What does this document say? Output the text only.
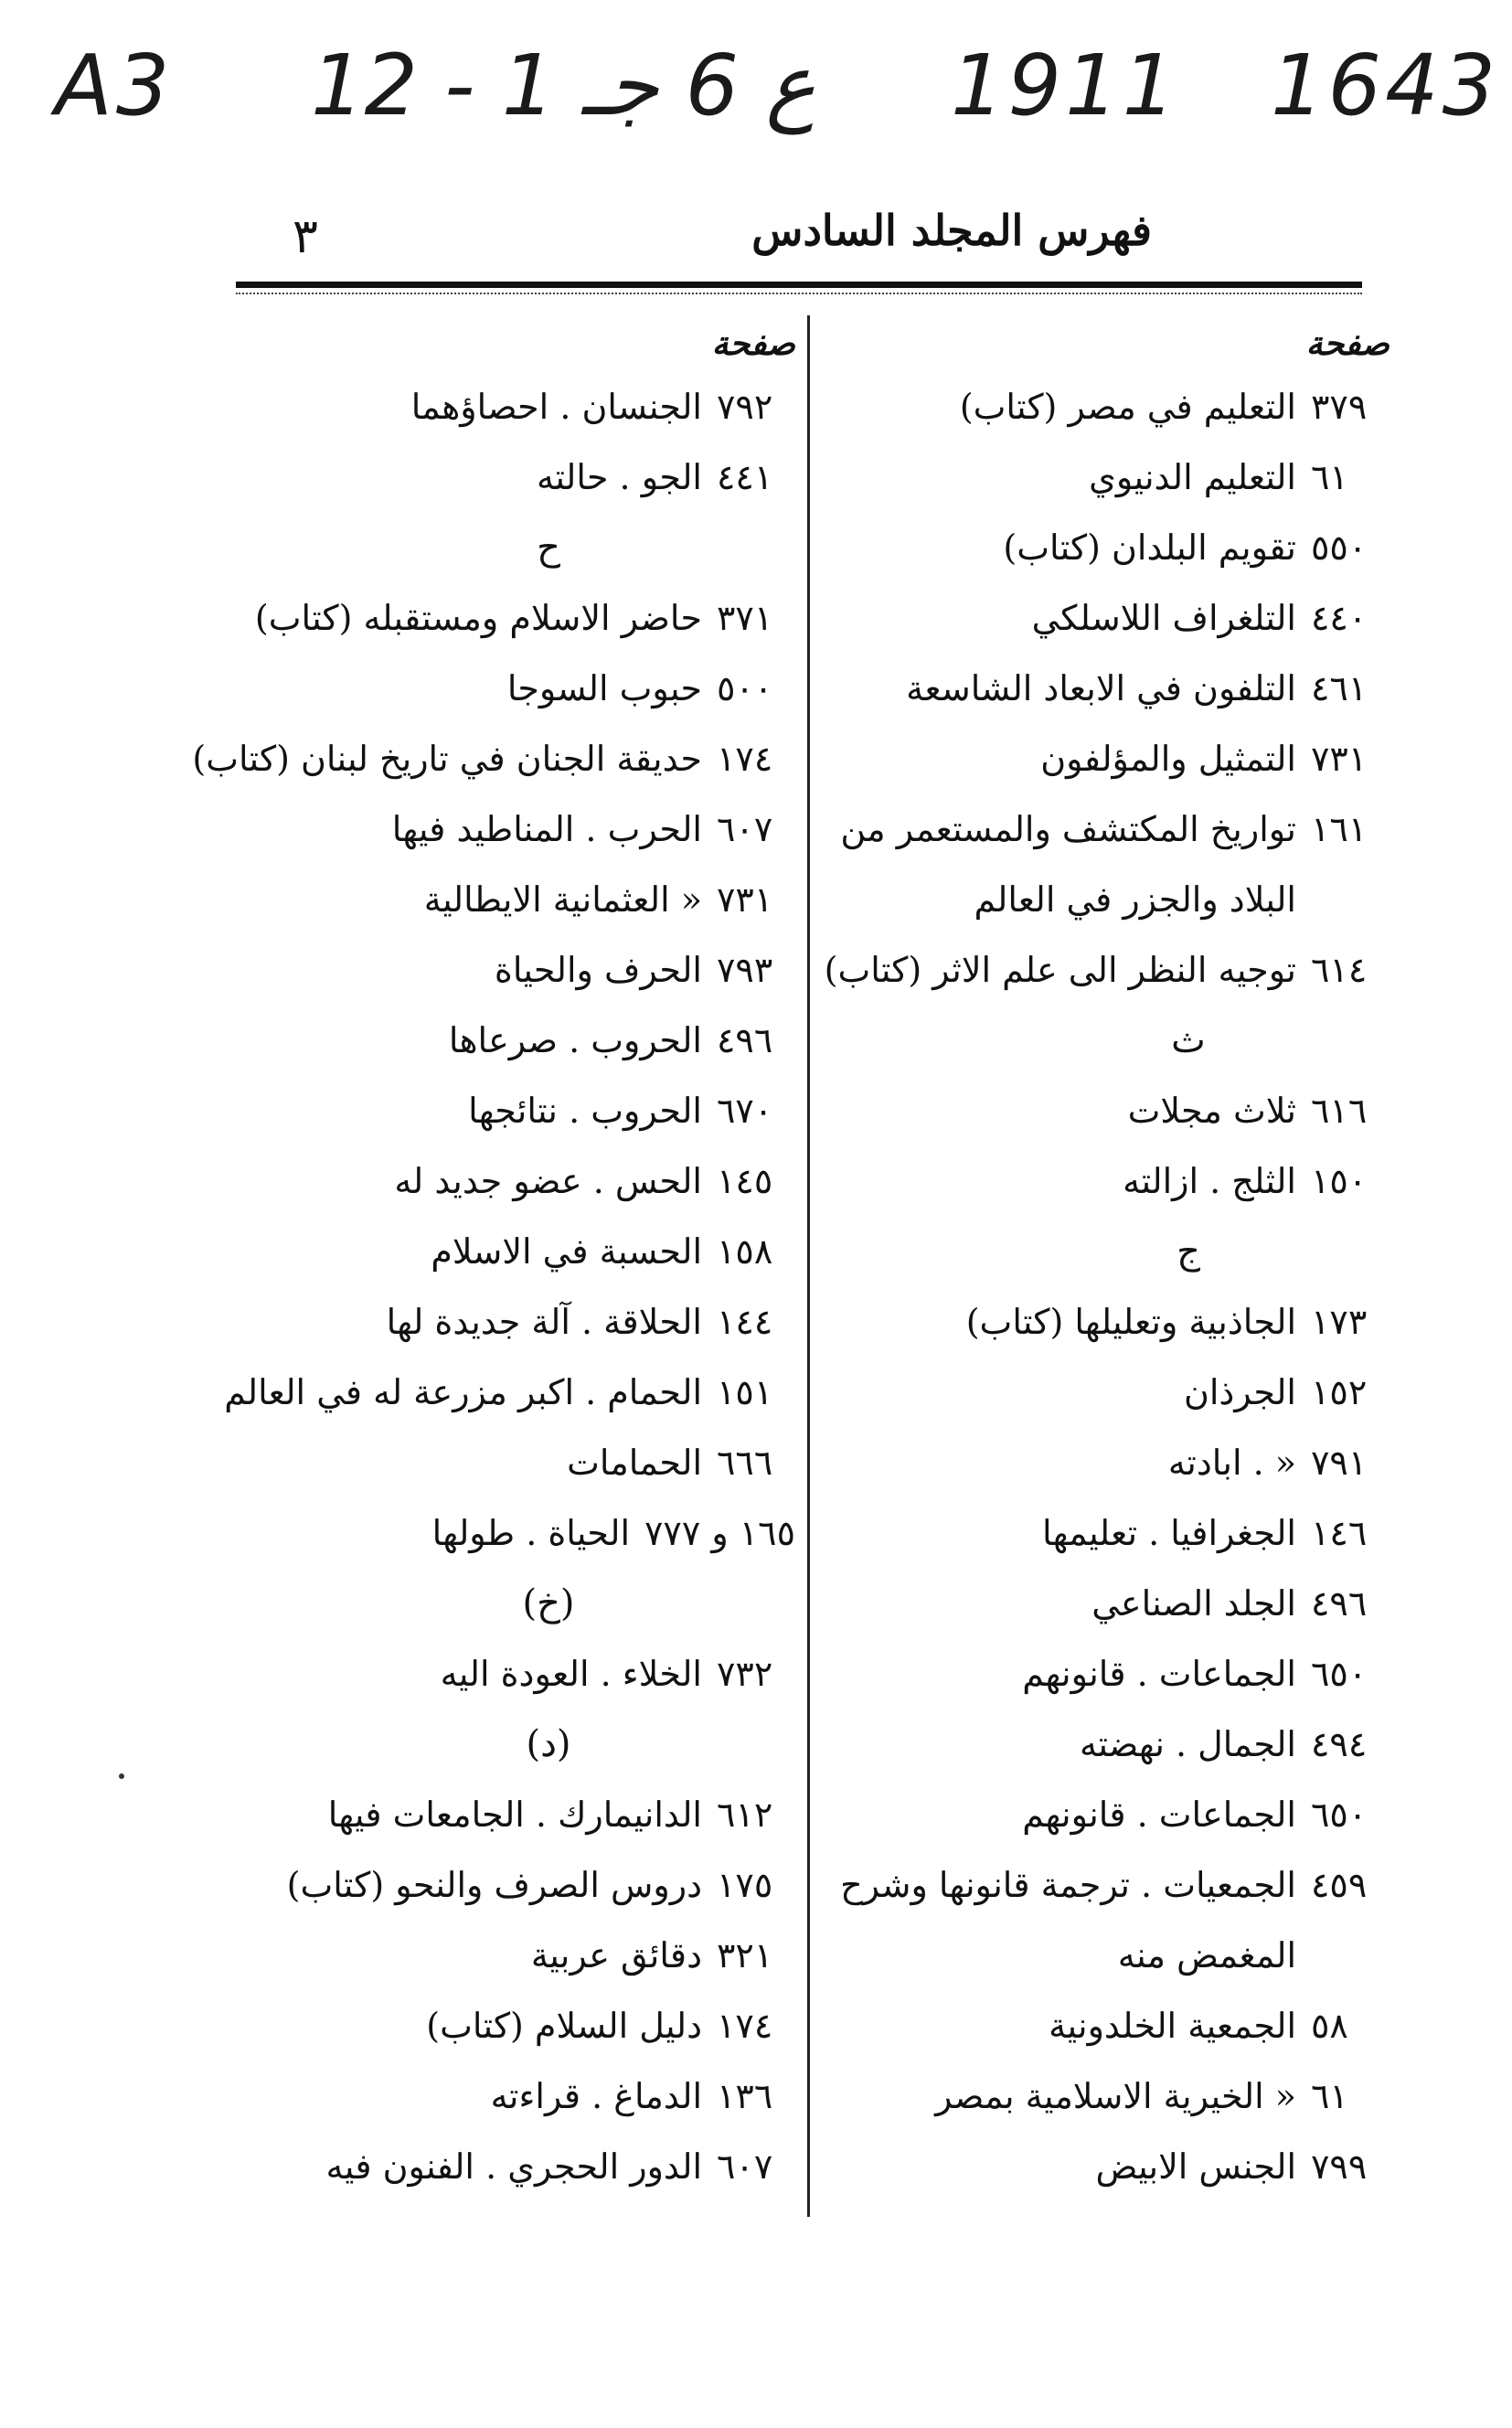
A3 12 - 1 ع 6 جـ 1911 1643
٣	فهرس المجلد السادس
صفحة
٣٧٩التعليم في مصر (كتاب)
٦١التعليم الدنيوي
٥٥٠تقويم البلدان (كتاب)
٤٤٠التلغراف اللاسلكي
٤٦١التلفون في الابعاد الشاسعة
٧٣١التمثيل والمؤلفون
١٦١تواريخ المكتشف والمستعمر من
البلاد والجزر في العالم
٦١٤توجيه النظر الى علم الاثر (كتاب)
ث
٦١٦ثلاث مجلات
١٥٠الثلج . ازالته
ج
١٧٣الجاذبية وتعليلها (كتاب)
١٥٢الجرذان
٧٩١« . ابادته
١٤٦الجغرافيا . تعليمها
٤٩٦الجلد الصناعي
٦٥٠الجماعات . قانونهم
٤٩٤الجمال . نهضته
٦٥٠الجماعات . قانونهم
٤٥٩الجمعيات . ترجمة قانونها وشرح
المغمض منه
٥٨الجمعية الخلدونية
٦١« الخيرية الاسلامية بمصر
٧٩٩الجنس الابيض
صفحة
٧٩٢الجنسان . احصاؤهما
٤٤١الجو . حالته
ح
٣٧١حاضر الاسلام ومستقبله (كتاب)
٥٠٠حبوب السوجا
١٧٤حديقة الجنان في تاريخ لبنان (كتاب)
٦٠٧الحرب . المناطيد فيها
٧٣١« العثمانية الايطالية
٧٩٣الحرف والحياة
٤٩٦الحروب . صرعاها
٦٧٠الحروب . نتائجها
١٤٥الحس . عضو جديد له
١٥٨الحسبة في الاسلام
١٤٤الحلاقة . آلة جديدة لها
١٥١الحمام . اكبر مزرعة له في العالم
٦٦٦الحمامات
١٦٥ و ٧٧٧الحياة . طولها
(خ)
٧٣٢الخلاء . العودة اليه
(د)
٦١٢الدانيمارك . الجامعات فيها
١٧٥دروس الصرف والنحو (كتاب)
٣٢١دقائق عربية
١٧٤دليل السلام (كتاب)
١٣٦الدماغ . قراءته
٦٠٧الدور الحجري . الفنون فيه
